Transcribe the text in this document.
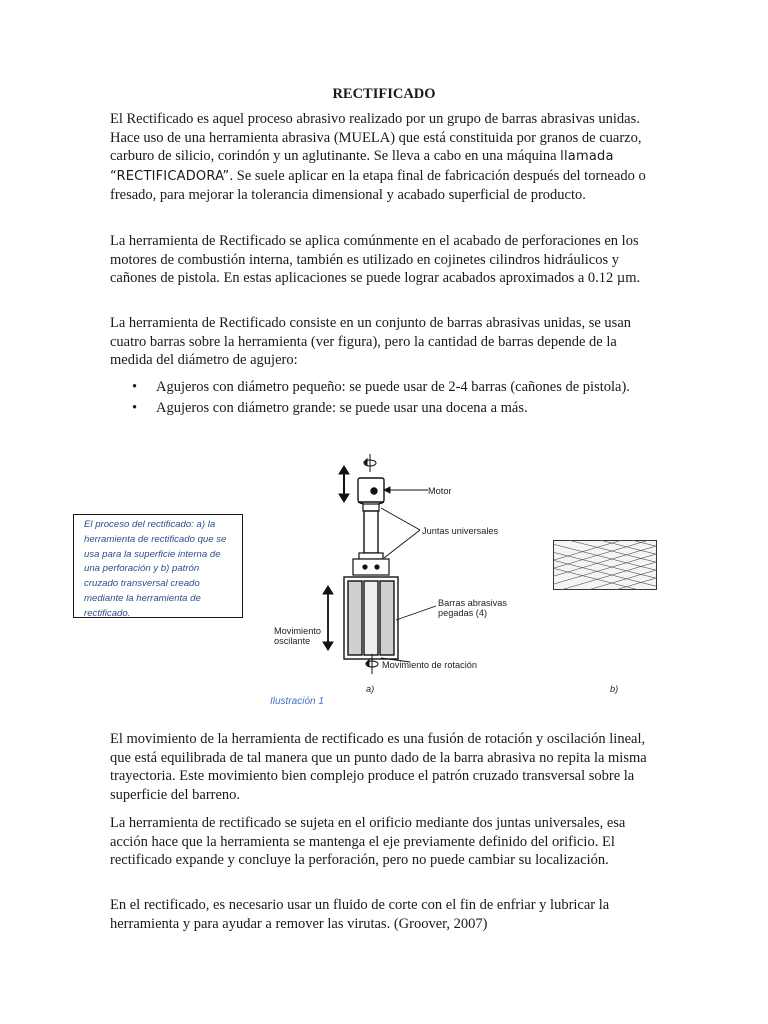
RECTIFICADO

El Rectificado es aquel proceso abrasivo realizado por un grupo de barras abrasivas unidas. Hace uso de una herramienta abrasiva (MUELA) que está constituida por granos de cuarzo, carburo de silicio, corindón y un aglutinante. Se lleva a cabo en una máquina llamada “RECTIFICADORA”. Se suele aplicar en la etapa final de fabricación después del torneado o fresado, para mejorar la tolerancia dimensional y acabado superficial de producto.

La herramienta de Rectificado se aplica comúnmente en el acabado de perforaciones en los motores de combustión interna, también es utilizado en cojinetes cilindros hidráulicos y cañones de pistola. En estas aplicaciones se puede lograr acabados aproximados a 0.12 µm.

La herramienta de Rectificado consiste en un conjunto de barras abrasivas unidas, se usan cuatro barras sobre la herramienta (ver figura), pero la cantidad de barras depende de la medida del diámetro de agujero:

• Agujeros con diámetro pequeño: se puede usar de 2-4 barras (cañones de pistola).
• Agujeros con diámetro grande: se puede usar una docena a más.

El movimiento de la herramienta de rectificado es una fusión de rotación y oscilación lineal, que está equilibrada de tal manera que un punto dado de la barra abrasiva no repita la misma trayectoria. Este movimiento bien complejo produce el patrón cruzado transversal sobre la superficie del barreno.

La herramienta de rectificado se sujeta en el orificio mediante dos juntas universales, esa acción hace que la herramienta se mantenga el eje previamente definido del orificio. El rectificado expande y concluye la perforación, pero no puede cambiar su localización.

En el rectificado, es necesario usar un fluido de corte con el fin de enfriar y lubricar la herramienta y para ayudar a remover las virutas. (Groover, 2007)

El proceso del rectificado: a) la herramienta de rectificado que se usa para la superficie interna de una perforación y b) patrón cruzado transversal creado mediante la herramienta de rectificado.
Motor
Juntas universales
Barras abrasivas
pegadas (4)
Movimiento
oscilante
Movimiento de rotación
a)	b)
Ilustración 1
